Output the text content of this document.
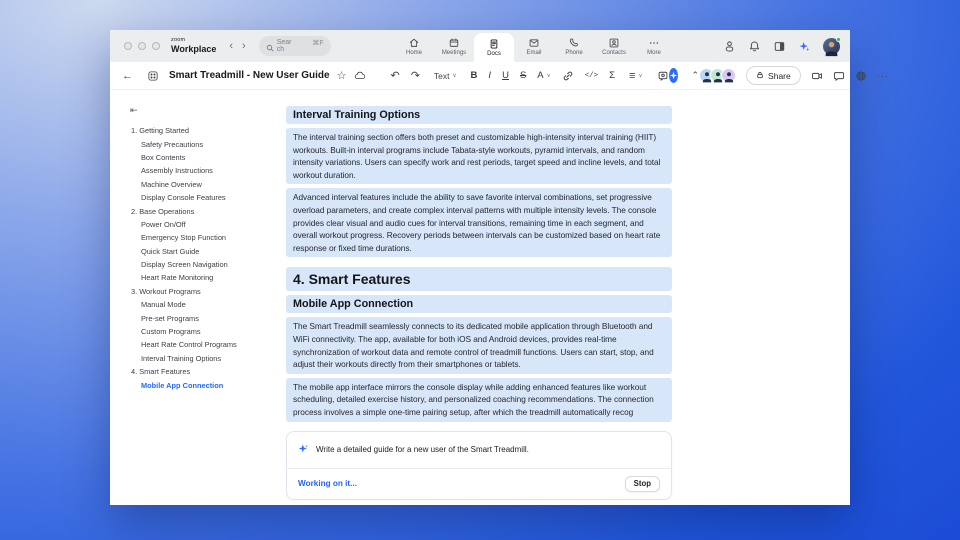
zoom
Workplace ‹ ›	Search
⌘F
Home	Meetings	Docs	Email	Phone	Contacts	More
←	Smart Treadmill - New User Guide ☆	↶ ↷ Text ∨ B I U S A ∨	</> Σ ≡ ∨	⌃	Share	···
⇤
1. Getting Started
Safety Precautions
Box Contents
Assembly Instructions
Machine Overview
Display Console Features
2. Base Operations
Power On/Off
Emergency Stop Function
Quick Start Guide
Display Screen Navigation
Heart Rate Monitoring
3. Workout Programs
Manual Mode
Pre-set Programs
Custom Programs
Heart Rate Control Programs
Interval Training Options
4. Smart Features
Mobile App Connection
Interval Training Options
The interval training section offers both preset and customizable high-intensity interval training (HIIT) workouts. Built-in interval programs include Tabata-style workouts, pyramid intervals, and random intensity variations. Users can specify work and rest periods, target speed and incline levels, and total workout duration.
Advanced interval features include the ability to save favorite interval combinations, set progressive overload parameters, and create complex interval patterns with multiple intensity levels. The console provides clear visual and audio cues for interval transitions, remaining time in each segment, and overall workout progress. Recovery periods between intervals can be customized based on heart rate response or fixed time durations.
4. Smart Features
Mobile App Connection
The Smart Treadmill seamlessly connects to its dedicated mobile application through Bluetooth and WiFi connectivity. The app, available for both iOS and Android devices, provides real-time synchronization of workout data and remote control of treadmill functions. Users can start, stop, and adjust their workouts directly from their smartphones or tablets.
The mobile app interface mirrors the console display while adding enhanced features like workout scheduling, detailed exercise history, and personalized coaching recommendations. The connection process involves a simple one-time pairing setup, after which the treadmill automatically recog
Write a detailed guide for a new user of the Smart Treadmill.
Working on it...	Stop
